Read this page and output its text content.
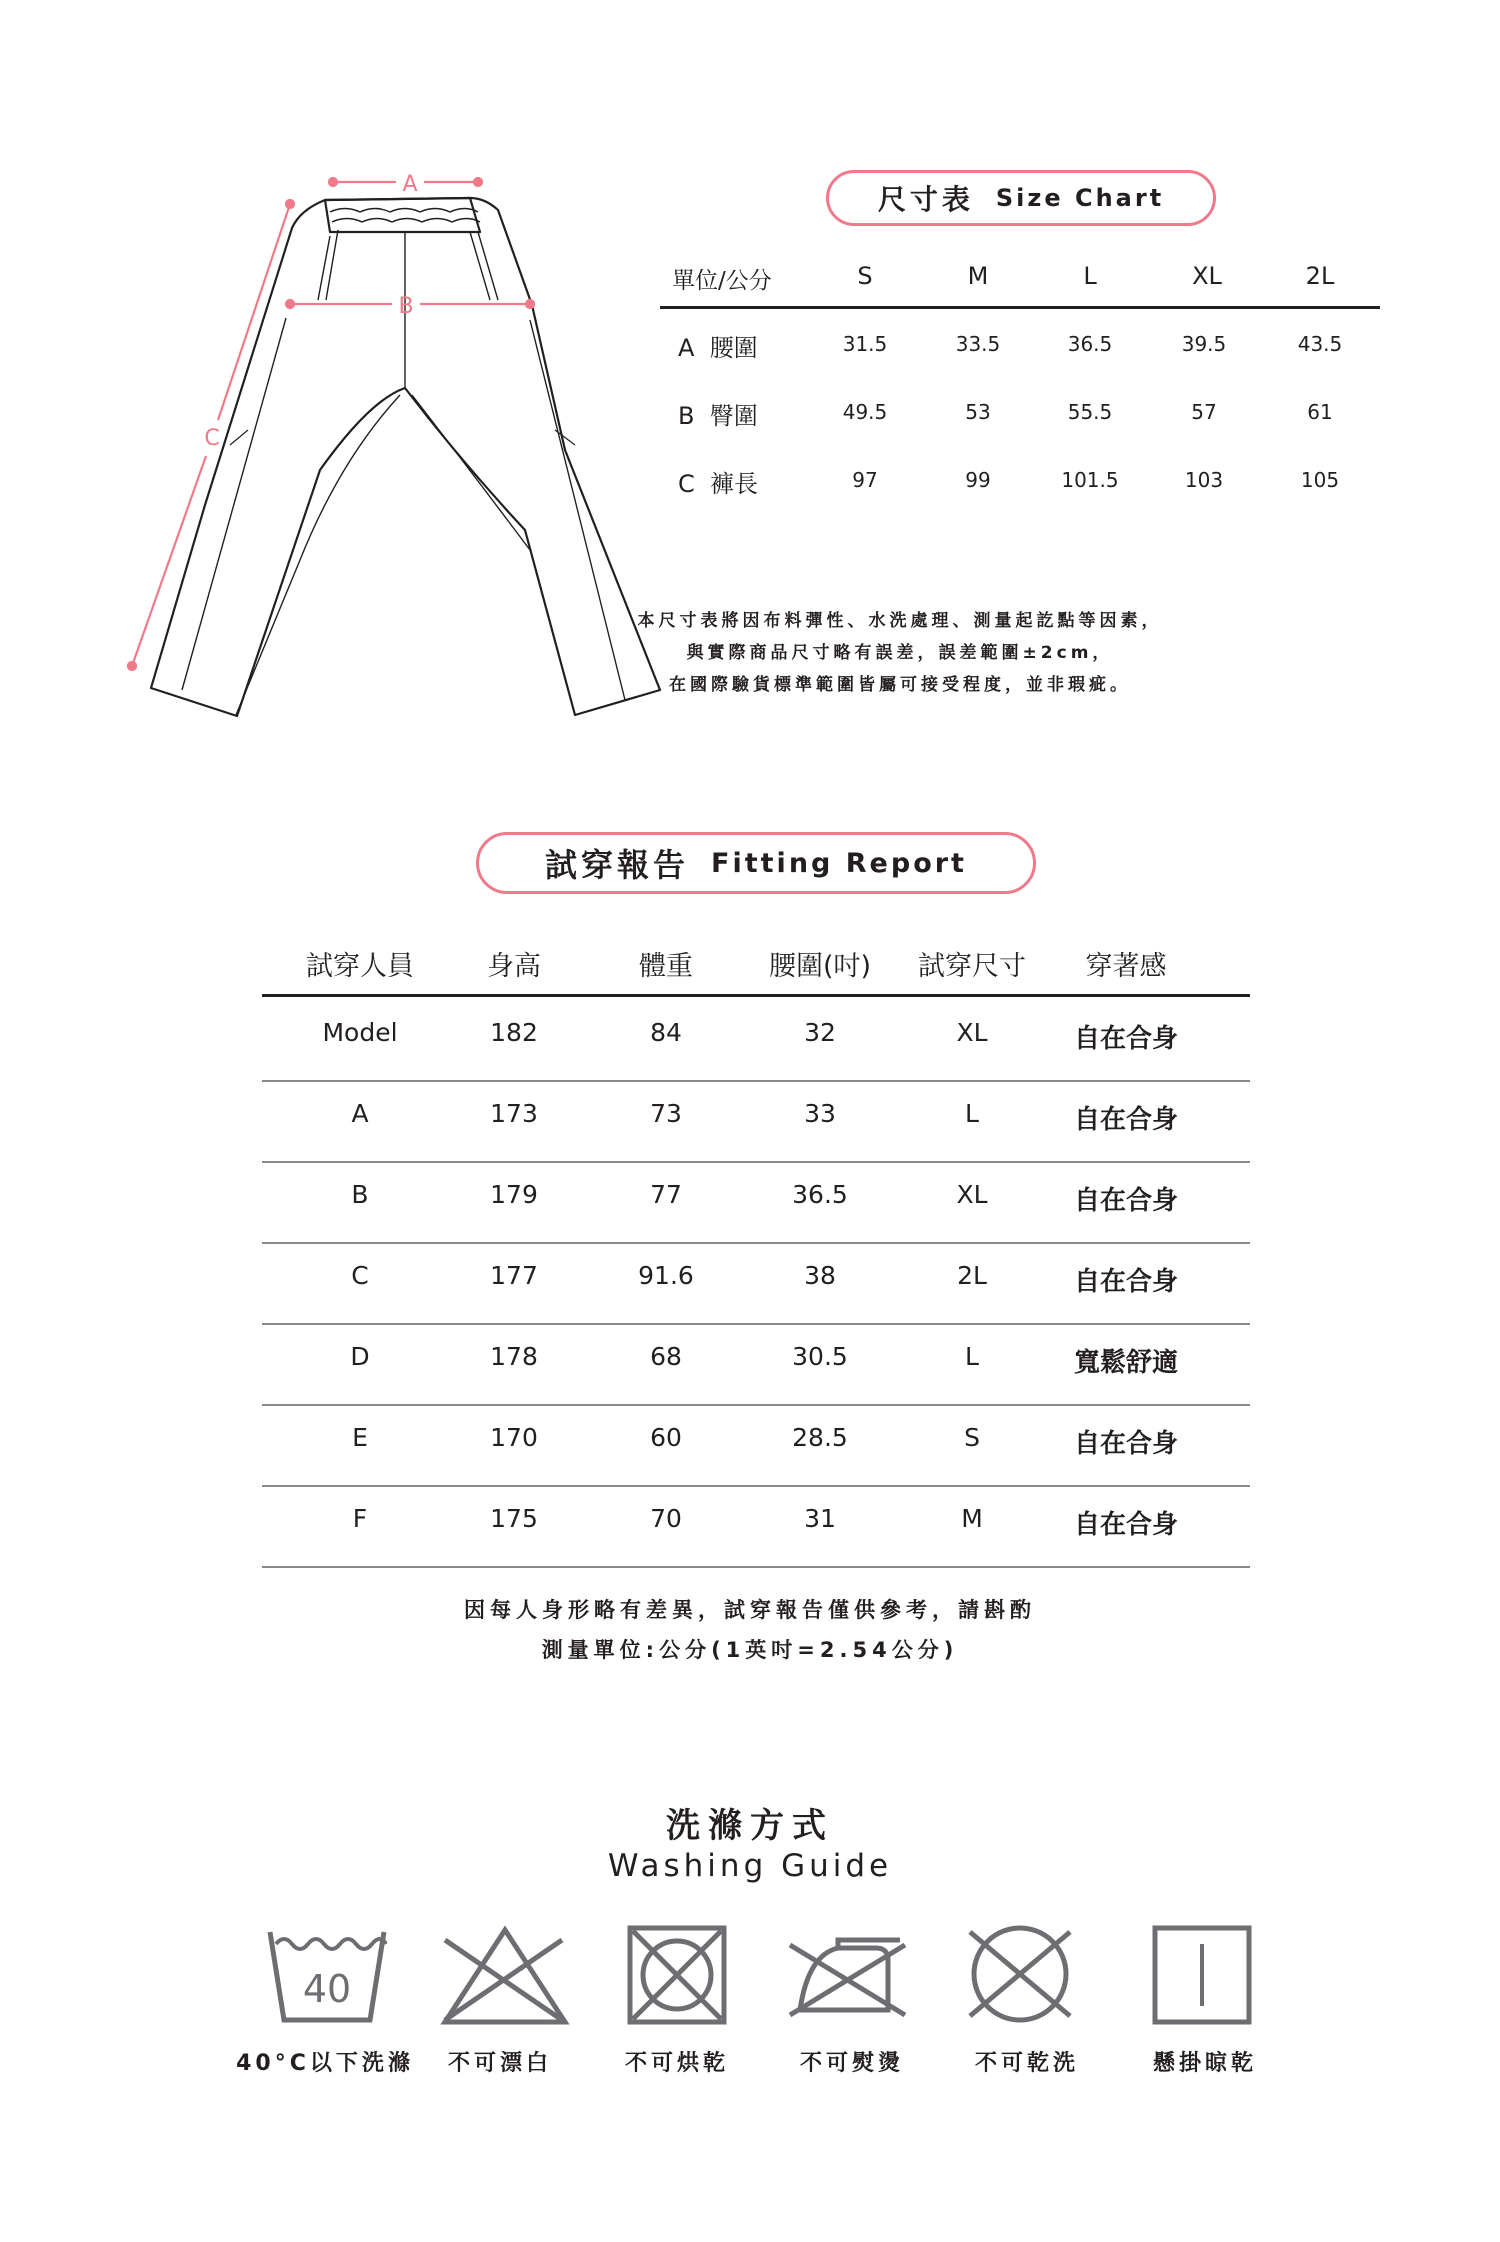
A
B
C
尺寸表 Size Chart
單位/公分	S	M	L	XL	2L
A 腰圍	31.5	33.5	36.5	39.5	43.5
B 臀圍	49.5	53	55.5	57	61
C 褲長	97	99	101.5	103	105
本尺寸表將因布料彈性、水洗處理、測量起訖點等因素，
與實際商品尺寸略有誤差，誤差範圍±2cm，
在國際驗貨標準範圍皆屬可接受程度，並非瑕疵。
試穿報告 Fitting Report
試穿人員	身高	體重	腰圍(吋)	試穿尺寸	穿著感
Model	182	84	32	XL	自在合身
A	173	73	33	L	自在合身
B	179	77	36.5	XL	自在合身
C	177	91.6	38	2L	自在合身
D	178	68	30.5	L	寬鬆舒適
E	170	60	28.5	S	自在合身
F	175	70	31	M	自在合身
因每人身形略有差異，試穿報告僅供參考，請斟酌
測量單位:公分(1英吋=2.54公分)
洗滌方式
Washing Guide
40
40°C以下洗滌	不可漂白	不可烘乾	不可熨燙	不可乾洗	懸掛晾乾
